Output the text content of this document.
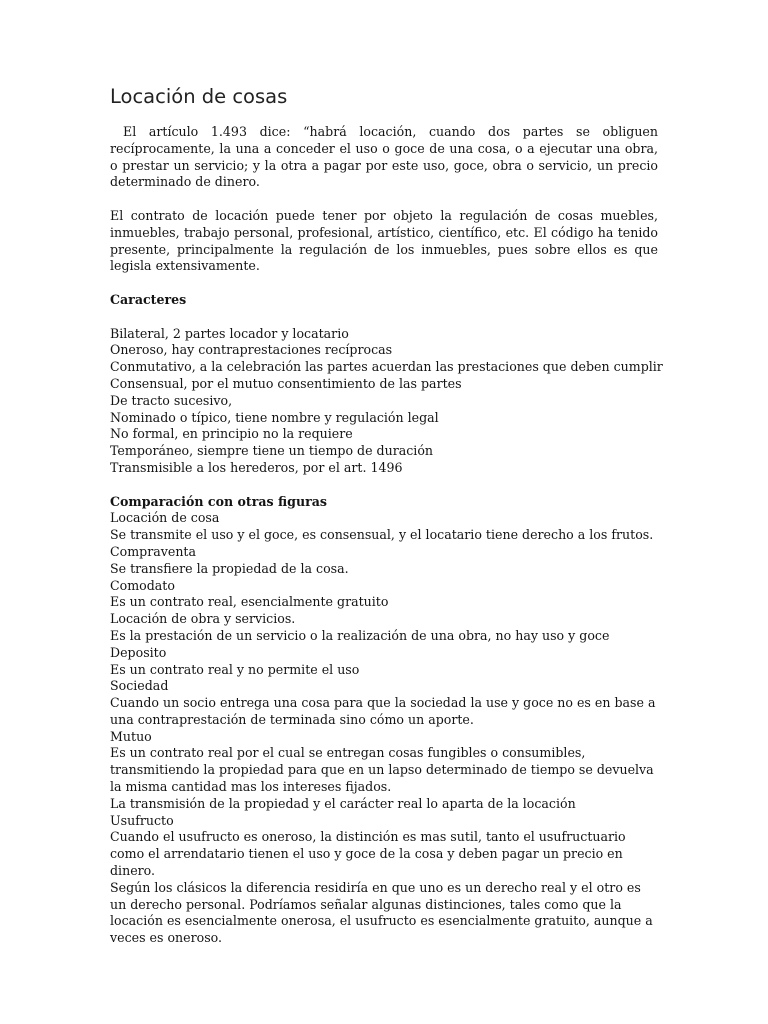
Locación de cosas

El artículo 1.493 dice: “habrá locación, cuando dos partes se obliguen recíprocamente, la una a conceder el uso o goce de una cosa, o a ejecutar una obra, o prestar un servicio; y la otra a pagar por este uso, goce, obra o servicio, un precio determinado de dinero.

El contrato de locación puede tener por objeto la regulación de cosas muebles, inmuebles, trabajo personal, profesional, artístico, científico, etc. El código ha tenido presente, principalmente la regulación de los inmuebles, pues sobre ellos es que legisla extensivamente.

Caracteres

Bilateral, 2 partes locador y locatario

Oneroso, hay contraprestaciones recíprocas

Conmutativo, a la celebración las partes acuerdan las prestaciones que deben cumplir

Consensual, por el mutuo consentimiento de las partes

De tracto sucesivo,

Nominado o típico, tiene nombre y regulación legal

No formal, en principio no la requiere

Temporáneo, siempre tiene un tiempo de duración

Transmisible a los herederos, por el art. 1496

Comparación con otras figuras

Locación de cosa

Se transmite el uso y el goce, es consensual, y el locatario tiene derecho a los frutos.

Compraventa

Se transfiere la propiedad de la cosa.

Comodato

Es un contrato real, esencialmente gratuito

Locación de obra y servicios.

Es la prestación de un servicio o la realización de una obra, no hay uso y goce

Deposito

Es un contrato real y no permite el uso

Sociedad

Cuando un socio entrega una cosa para que la sociedad la use y goce no es en base a una contraprestación de terminada sino cómo un aporte.

Mutuo

Es un contrato real por el cual se entregan cosas fungibles o consumibles, transmitiendo la propiedad para que en un lapso determinado de tiempo se devuelva la misma cantidad mas los intereses fijados.

La transmisión de la propiedad y el carácter real lo aparta de la locación

Usufructo

Cuando el usufructo es oneroso, la distinción es mas sutil, tanto el usufructuario como el arrendatario tienen el uso y goce de la cosa y deben pagar un precio en dinero.

Según los clásicos la diferencia residiría en que uno es un derecho real y el otro es un derecho personal. Podríamos señalar algunas distinciones, tales como que la locación es esencialmente onerosa, el usufructo es esencialmente gratuito, aunque a veces es oneroso.
